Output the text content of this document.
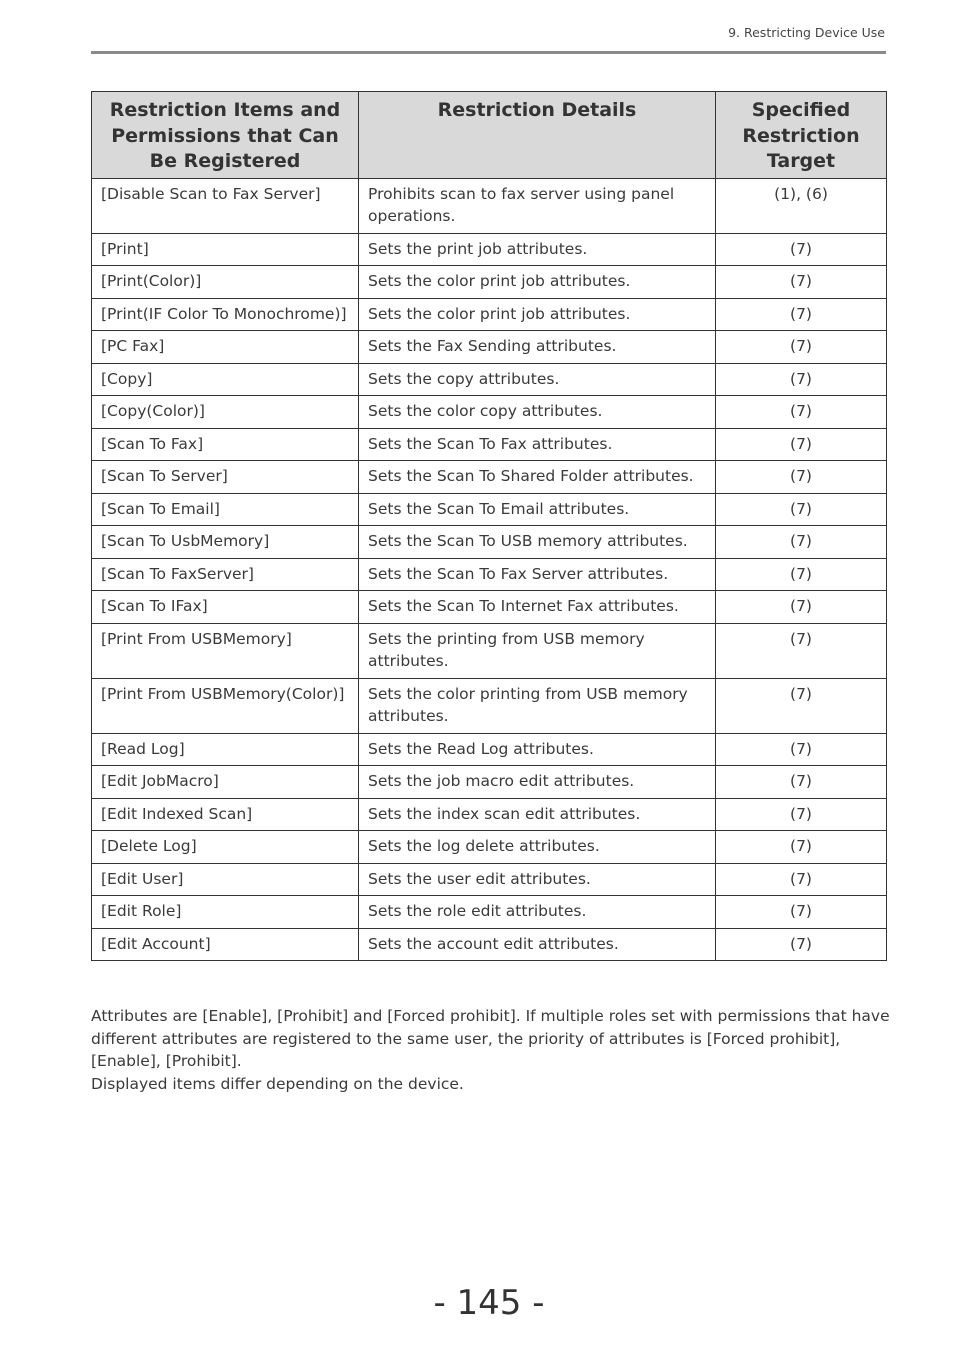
9. Restricting Device Use
Restriction Items and Permissions that Can Be Registered	Restriction Details	Specified Restriction Target
[Disable Scan to Fax Server]	Prohibits scan to fax server using panel operations.	(1), (6)
[Print]	Sets the print job attributes.	(7)
[Print(Color)]	Sets the color print job attributes.	(7)
[Print(IF Color To Monochrome)]	Sets the color print job attributes.	(7)
[PC Fax]	Sets the Fax Sending attributes.	(7)
[Copy]	Sets the copy attributes.	(7)
[Copy(Color)]	Sets the color copy attributes.	(7)
[Scan To Fax]	Sets the Scan To Fax attributes.	(7)
[Scan To Server]	Sets the Scan To Shared Folder attributes.	(7)
[Scan To Email]	Sets the Scan To Email attributes.	(7)
[Scan To UsbMemory]	Sets the Scan To USB memory attributes.	(7)
[Scan To FaxServer]	Sets the Scan To Fax Server attributes.	(7)
[Scan To IFax]	Sets the Scan To Internet Fax attributes.	(7)
[Print From USBMemory]	Sets the printing from USB memory attributes.	(7)
[Print From USBMemory(Color)]	Sets the color printing from USB memory attributes.	(7)
[Read Log]	Sets the Read Log attributes.	(7)
[Edit JobMacro]	Sets the job macro edit attributes.	(7)
[Edit Indexed Scan]	Sets the index scan edit attributes.	(7)
[Delete Log]	Sets the log delete attributes.	(7)
[Edit User]	Sets the user edit attributes.	(7)
[Edit Role]	Sets the role edit attributes.	(7)
[Edit Account]	Sets the account edit attributes.	(7)

Attributes are [Enable], [Prohibit] and [Forced prohibit]. If multiple roles set with permissions that have different attributes are registered to the same user, the priority of attributes is [Forced prohibit], [Enable], [Prohibit].

Displayed items differ depending on the device.

- 145 -
